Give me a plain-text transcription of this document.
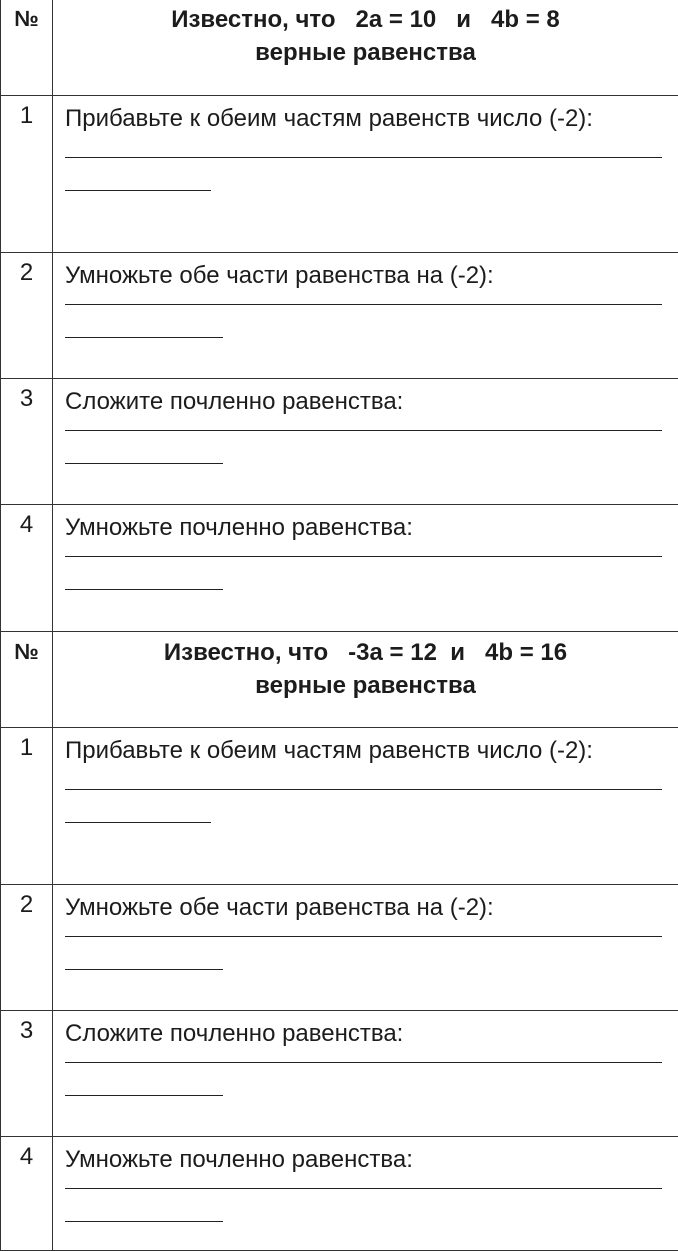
№	Известно, что   2a = 10   и   4b = 8
верные равенства

1	Прибавьте к обеим частям равенств число (-2):

2	Умножьте обе части равенства на (-2):

3	Сложите почленно равенства:

4	Умножьте почленно равенства:
№	Известно, что   -3a = 12  и   4b = 16
верные равенства

1	Прибавьте к обеим частям равенств число (-2):

2	Умножьте обе части равенства на (-2):

3	Сложите почленно равенства:

4	Умножьте почленно равенства:
